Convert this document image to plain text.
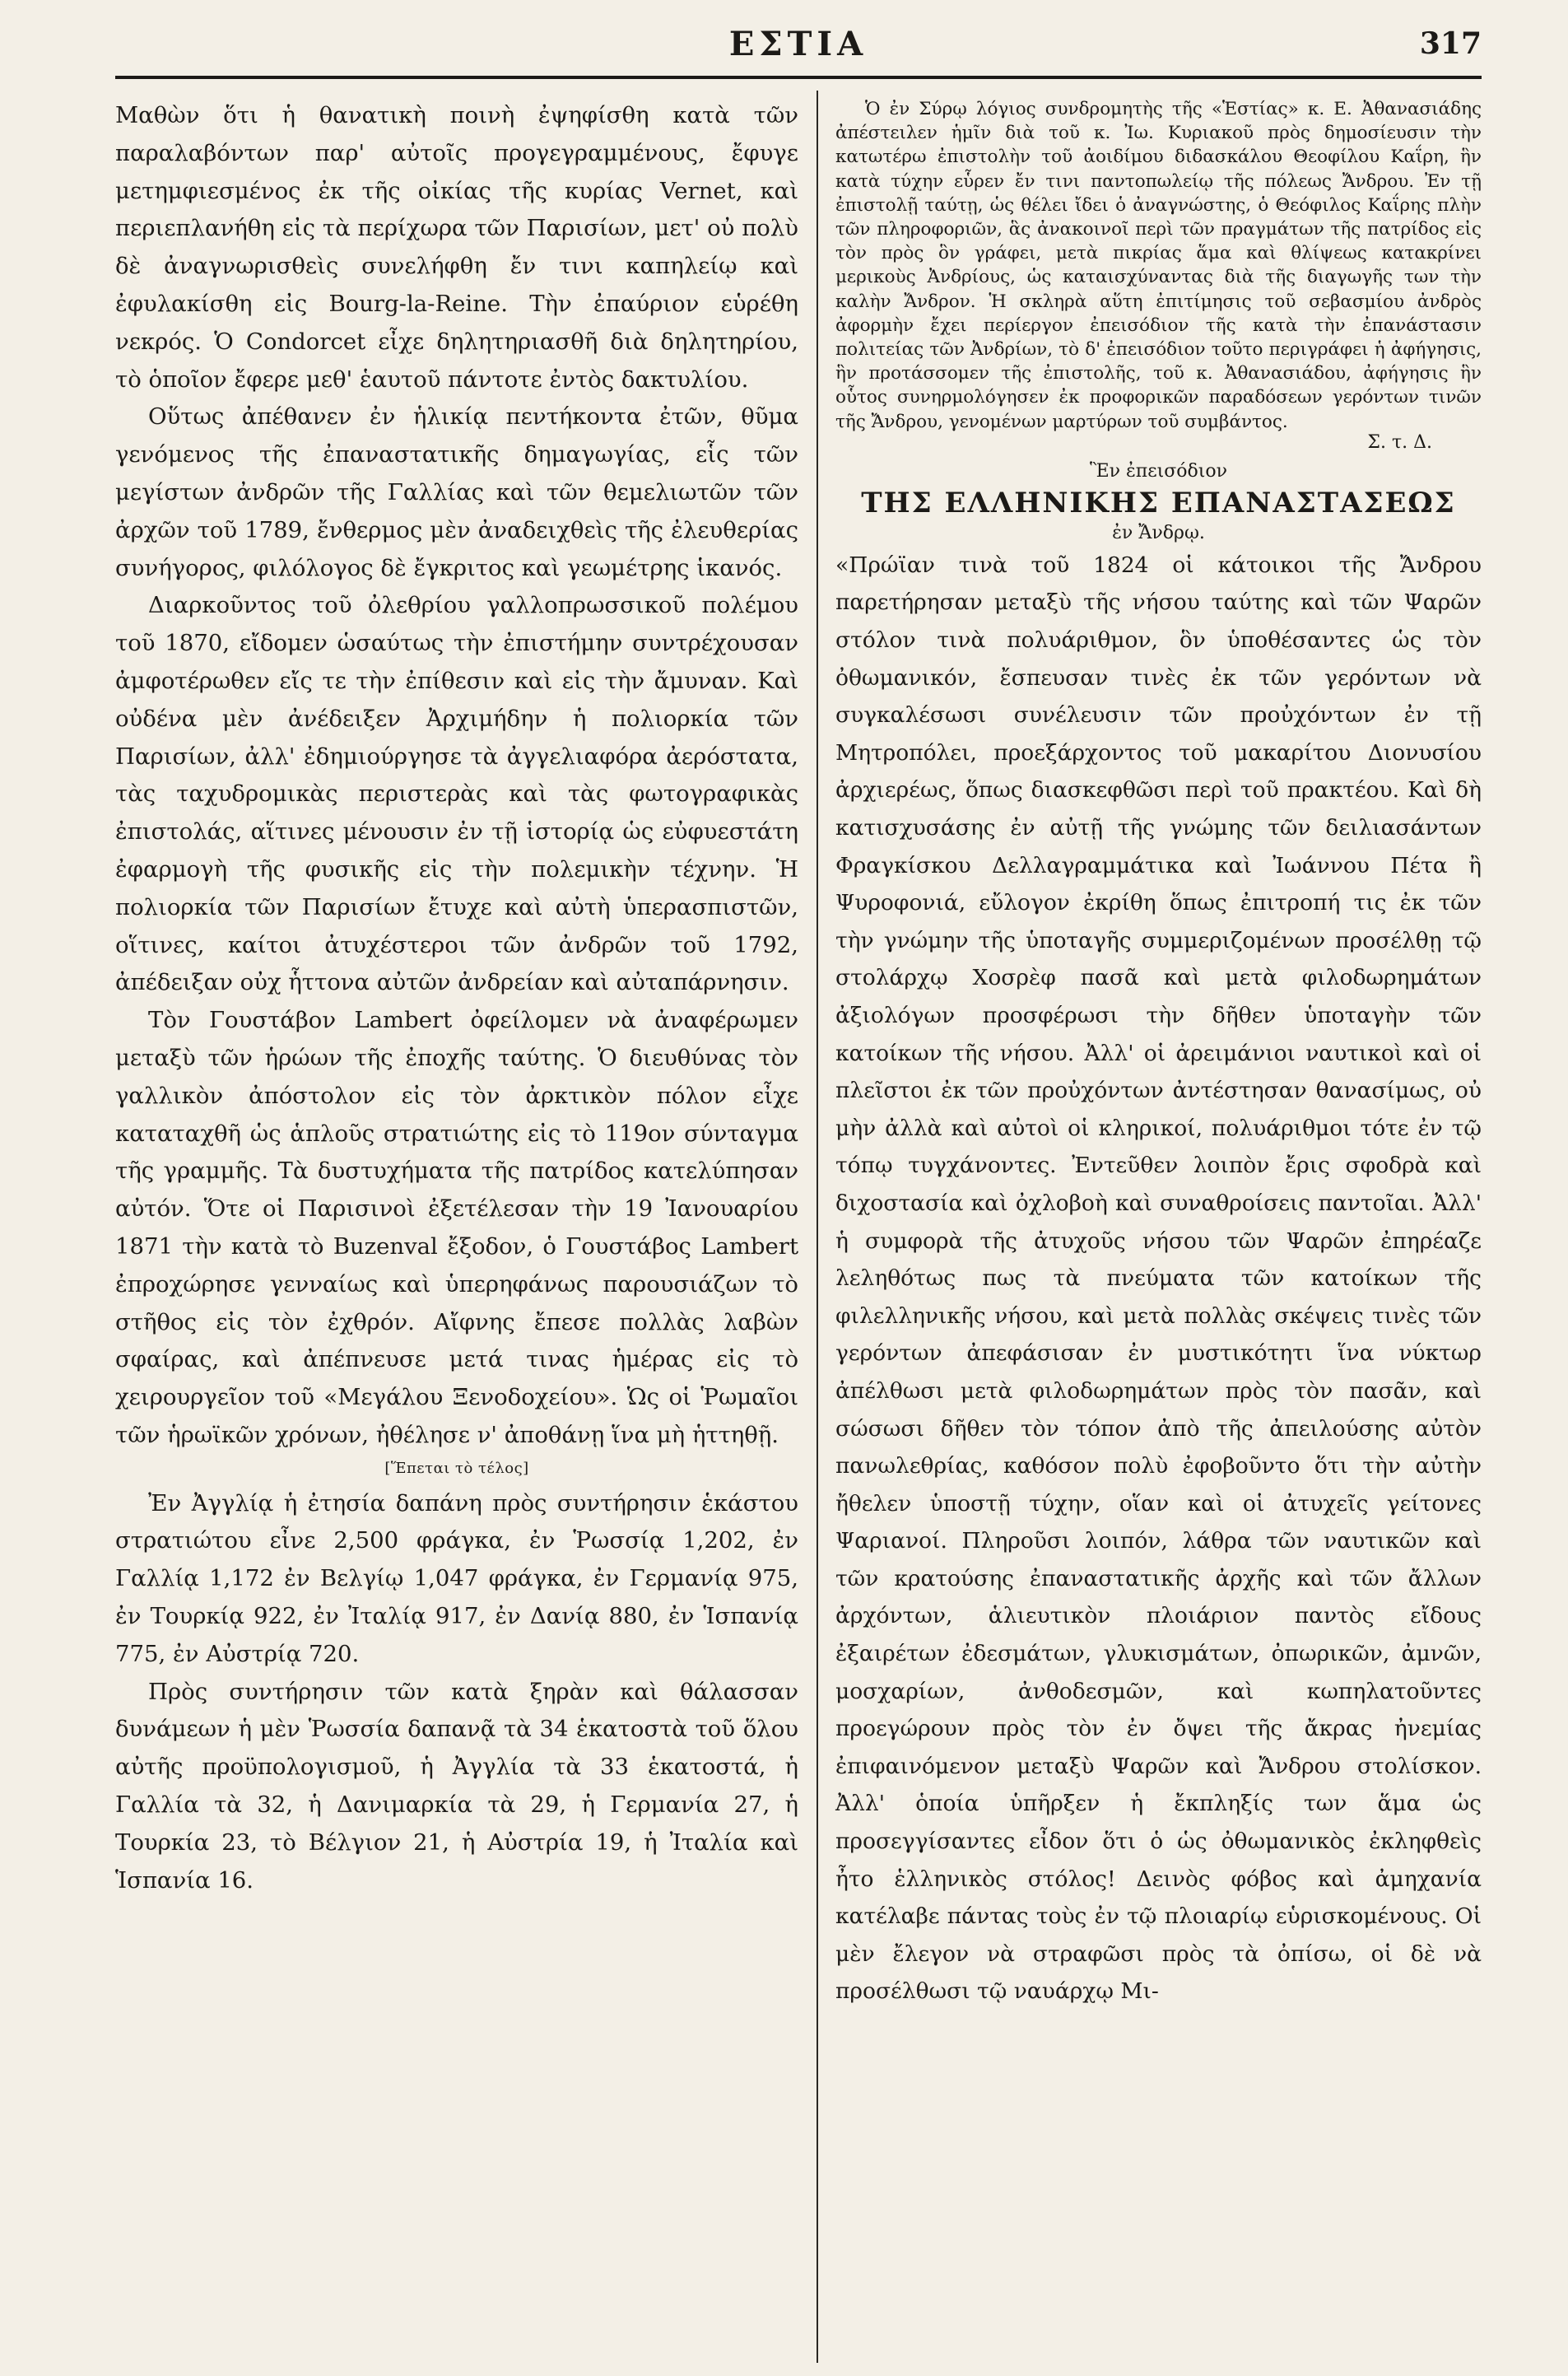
ΕΣΤΙΑ	317

Μαθὼν ὅτι ἡ θανατικὴ ποινὴ ἐψηφίσθη κατὰ τῶν παραλαβόντων παρ' αὐτοῖς προγεγραμμένους, ἔφυγε μετημφιεσμένος ἐκ τῆς οἰκίας τῆς κυρίας Vernet, καὶ περιεπλανήθη εἰς τὰ περίχωρα τῶν Παρισίων, μετ' οὐ πολὺ δὲ ἀναγνωρισθεὶς συνελήφθη ἔν τινι καπηλείῳ καὶ ἐφυλακίσθη εἰς Bourg-la-Reine. Τὴν ἐπαύριον εὑρέθη νεκρός. Ὁ Condorcet εἶχε δηλητηριασθῆ διὰ δηλητηρίου, τὸ ὁποῖον ἔφερε μεθ' ἑαυτοῦ πάντοτε ἐντὸς δακτυλίου.

Οὕτως ἀπέθανεν ἐν ἡλικίᾳ πεντήκοντα ἐτῶν, θῦμα γενόμενος τῆς ἐπαναστατικῆς δημαγωγίας, εἷς τῶν μεγίστων ἀνδρῶν τῆς Γαλλίας καὶ τῶν θεμελιωτῶν τῶν ἀρχῶν τοῦ 1789, ἔνθερμος μὲν ἀναδειχθεὶς τῆς ἐλευθερίας συνήγορος, φιλόλογος δὲ ἔγκριτος καὶ γεωμέτρης ἱκανός.

Διαρκοῦντος τοῦ ὀλεθρίου γαλλοπρωσσικοῦ πολέμου τοῦ 1870, εἴδομεν ὡσαύτως τὴν ἐπιστήμην συντρέχουσαν ἀμφοτέρωθεν εἴς τε τὴν ἐπίθεσιν καὶ εἰς τὴν ἄμυναν. Καὶ οὐδένα μὲν ἀνέδειξεν Ἀρχιμήδην ἡ πολιορκία τῶν Παρισίων, ἀλλ' ἐδημιούργησε τὰ ἀγγελιαφόρα ἀερόστατα, τὰς ταχυδρομικὰς περιστερὰς καὶ τὰς φωτογραφικὰς ἐπιστολάς, αἵτινες μένουσιν ἐν τῇ ἱστορίᾳ ὡς εὐφυεστάτη ἐφαρμογὴ τῆς φυσικῆς εἰς τὴν πολεμικὴν τέχνην. Ἡ πολιορκία τῶν Παρισίων ἔτυχε καὶ αὐτὴ ὑπερασπιστῶν, οἵτινες, καίτοι ἀτυχέστεροι τῶν ἀνδρῶν τοῦ 1792, ἀπέδειξαν οὐχ ἧττονα αὐτῶν ἀνδρείαν καὶ αὐταπάρνησιν.

Τὸν Γουστάβον Lambert ὀφείλομεν νὰ ἀναφέρωμεν μεταξὺ τῶν ἡρώων τῆς ἐποχῆς ταύτης. Ὁ διευθύνας τὸν γαλλικὸν ἀπόστολον εἰς τὸν ἀρκτικὸν πόλον εἶχε καταταχθῆ ὡς ἁπλοῦς στρατιώτης εἰς τὸ 119ον σύνταγμα τῆς γραμμῆς. Τὰ δυστυχήματα τῆς πατρίδος κατελύπησαν αὐτόν. Ὅτε οἱ Παρισινοὶ ἐξετέλεσαν τὴν 19 Ἰανουαρίου 1871 τὴν κατὰ τὸ Buzenval ἔξοδον, ὁ Γουστάβος Lambert ἐπροχώρησε γενναίως καὶ ὑπερηφάνως παρουσιάζων τὸ στῆθος εἰς τὸν ἐχθρόν. Αἴφνης ἔπεσε πολλὰς λαβὼν σφαίρας, καὶ ἀπέπνευσε μετά τινας ἡμέρας εἰς τὸ χειρουργεῖον τοῦ «Μεγάλου Ξενοδοχείου». Ὡς οἱ Ῥωμαῖοι τῶν ἡρωϊκῶν χρόνων, ἠθέλησε ν' ἀποθάνῃ ἵνα μὴ ἡττηθῇ.

[Ἕπεται τὸ τέλος]

Ἐν Ἀγγλίᾳ ἡ ἐτησία δαπάνη πρὸς συντήρησιν ἑκάστου στρατιώτου εἶνε 2,500 φράγκα, ἐν Ῥωσσίᾳ 1,202, ἐν Γαλλίᾳ 1,172 ἐν Βελγίῳ 1,047 φράγκα, ἐν Γερμανίᾳ 975, ἐν Τουρκίᾳ 922, ἐν Ἰταλίᾳ 917, ἐν Δανίᾳ 880, ἐν Ἱσπανίᾳ 775, ἐν Αὐστρίᾳ 720.

Πρὸς συντήρησιν τῶν κατὰ ξηρὰν καὶ θάλασσαν δυνάμεων ἡ μὲν Ῥωσσία δαπανᾷ τὰ 34 ἑκατοστὰ τοῦ ὅλου αὐτῆς προϋπολογισμοῦ, ἡ Ἀγγλία τὰ 33 ἑκατοστά, ἡ Γαλλία τὰ 32, ἡ Δανιμαρκία τὰ 29, ἡ Γερμανία 27, ἡ Τουρκία 23, τὸ Βέλγιον 21, ἡ Αὐστρία 19, ἡ Ἰταλία καὶ Ἱσπανία 16.

Ὁ ἐν Σύρῳ λόγιος συνδρομητὴς τῆς «Ἑστίας» κ. Ε. Ἀθανασιάδης ἀπέστειλεν ἡμῖν διὰ τοῦ κ. Ἰω. Κυριακοῦ πρὸς δημοσίευσιν τὴν κατωτέρω ἐπιστολὴν τοῦ ἀοιδίμου διδασκάλου Θεοφίλου Καΐρη, ἣν κατὰ τύχην εὗρεν ἔν τινι παντοπωλείῳ τῆς πόλεως Ἄνδρου. Ἐν τῇ ἐπιστολῇ ταύτῃ, ὡς θέλει ἴδει ὁ ἀναγνώστης, ὁ Θεόφιλος Καΐρης πλὴν τῶν πληροφοριῶν, ἃς ἀνακοινοῖ περὶ τῶν πραγμάτων τῆς πατρίδος εἰς τὸν πρὸς ὃν γράφει, μετὰ πικρίας ἅμα καὶ θλίψεως κατακρίνει μερικοὺς Ἀνδρίους, ὡς καταισχύναντας διὰ τῆς διαγωγῆς των τὴν καλὴν Ἄνδρον. Ἡ σκληρὰ αὕτη ἐπιτίμησις τοῦ σεβασμίου ἀνδρὸς ἀφορμὴν ἔχει περίεργον ἐπεισόδιον τῆς κατὰ τὴν ἐπανάστασιν πολιτείας τῶν Ἀνδρίων, τὸ δ' ἐπεισόδιον τοῦτο περιγράφει ἡ ἀφήγησις, ἣν προτάσσομεν τῆς ἐπιστολῆς, τοῦ κ. Ἀθανασιάδου, ἀφήγησις ἣν οὗτος συνηρμολόγησεν ἐκ προφορικῶν παραδόσεων γερόντων τινῶν τῆς Ἄνδρου, γενομένων μαρτύρων τοῦ συμβάντος.

Σ. τ. Δ.
Ἓν ἐπεισόδιον
ΤΗΣ ΕΛΛΗΝΙΚΗΣ ΕΠΑΝΑΣΤΑΣΕΩΣ
ἐν Ἄνδρῳ.

«Πρώϊαν τινὰ τοῦ 1824 οἱ κάτοικοι τῆς Ἄνδρου παρετήρησαν μεταξὺ τῆς νήσου ταύτης καὶ τῶν Ψαρῶν στόλον τινὰ πολυάριθμον, ὃν ὑποθέσαντες ὡς τὸν ὀθωμανικόν, ἔσπευσαν τινὲς ἐκ τῶν γερόντων νὰ συγκαλέσωσι συνέλευσιν τῶν προὐχόντων ἐν τῇ Μητροπόλει, προεξάρχοντος τοῦ μακαρίτου Διονυσίου ἀρχιερέως, ὅπως διασκεφθῶσι περὶ τοῦ πρακτέου. Καὶ δὴ κατισχυσάσης ἐν αὐτῇ τῆς γνώμης τῶν δειλιασάντων Φραγκίσκου Δελλαγραμμάτικα καὶ Ἰωάννου Πέτα ἢ Ψυροφονιά, εὔλογον ἐκρίθη ὅπως ἐπιτροπή τις ἐκ τῶν τὴν γνώμην τῆς ὑποταγῆς συμμεριζομένων προσέλθῃ τῷ στολάρχῳ Χοσρὲφ πασᾶ καὶ μετὰ φιλοδωρημάτων ἀξιολόγων προσφέρωσι τὴν δῆθεν ὑποταγὴν τῶν κατοίκων τῆς νήσου. Ἀλλ' οἱ ἀρειμάνιοι ναυτικοὶ καὶ οἱ πλεῖστοι ἐκ τῶν προὐχόντων ἀντέστησαν θανασίμως, οὐ μὴν ἀλλὰ καὶ αὐτοὶ οἱ κληρικοί, πολυάριθμοι τότε ἐν τῷ τόπῳ τυγχάνοντες. Ἐντεῦθεν λοιπὸν ἔρις σφοδρὰ καὶ διχοστασία καὶ ὀχλοβοὴ καὶ συναθροίσεις παντοῖαι. Ἀλλ' ἡ συμφορὰ τῆς ἀτυχοῦς νήσου τῶν Ψαρῶν ἐπηρέαζε λεληθότως πως τὰ πνεύματα τῶν κατοίκων τῆς φιλελληνικῆς νήσου, καὶ μετὰ πολλὰς σκέψεις τινὲς τῶν γερόντων ἀπεφάσισαν ἐν μυστικότητι ἵνα νύκτωρ ἀπέλθωσι μετὰ φιλοδωρημάτων πρὸς τὸν πασᾶν, καὶ σώσωσι δῆθεν τὸν τόπον ἀπὸ τῆς ἀπειλούσης αὐτὸν πανωλεθρίας, καθόσον πολὺ ἐφοβοῦντο ὅτι τὴν αὐτὴν ἤθελεν ὑποστῇ τύχην, οἵαν καὶ οἱ ἀτυχεῖς γείτονες Ψαριανοί. Πληροῦσι λοιπόν, λάθρα τῶν ναυτικῶν καὶ τῶν κρατούσης ἐπαναστατικῆς ἀρχῆς καὶ τῶν ἄλλων ἀρχόντων, ἁλιευτικὸν πλοιάριον παντὸς εἴδους ἐξαιρέτων ἐδεσμάτων, γλυκισμάτων, ὀπωρικῶν, ἀμνῶν, μοσχαρίων, ἀνθοδεσμῶν, καὶ κωπηλατοῦντες προεγώρουν πρὸς τὸν ἐν ὄψει τῆς ἄκρας ἠνεμίας ἐπιφαινόμενον μεταξὺ Ψαρῶν καὶ Ἄνδρου στολίσκον. Ἀλλ' ὁποία ὑπῆρξεν ἡ ἔκπληξίς των ἅμα ὡς προσεγγίσαντες εἶδον ὅτι ὁ ὡς ὀθωμανικὸς ἐκληφθεὶς ἦτο ἑλληνικὸς στόλος! Δεινὸς φόβος καὶ ἀμηχανία κατέλαβε πάντας τοὺς ἐν τῷ πλοιαρίῳ εὑρισκομένους. Οἱ μὲν ἔλεγον νὰ στραφῶσι πρὸς τὰ ὀπίσω, οἱ δὲ νὰ προσέλθωσι τῷ ναυάρχῳ Μι-
